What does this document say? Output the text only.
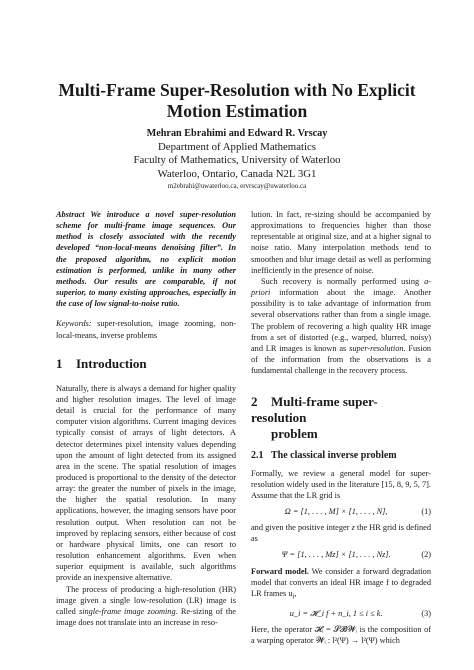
Multi-Frame Super-Resolution with No Explicit
Motion Estimation
Mehran Ebrahimi and Edward R. Vrscay
Department of Applied Mathematics
Faculty of Mathematics, University of Waterloo
Waterloo, Ontario, Canada N2L 3G1
m2ebrahi@uwaterloo.ca, ervrscay@uwaterloo.ca

Abstract We introduce a novel super-resolution scheme for multi-frame image sequences. Our method is closely associated with the recently developed “non-local-means denoising filter”. In the proposed algorithm, no explicit motion estimation is performed, unlike in many other methods. Our results are comparable, if not superior, to many existing approaches, especially in the case of low signal-to-noise ratio.

Keywords: super-resolution, image zooming, non-local-means, inverse problems

1 Introduction

Naturally, there is always a demand for higher quality and higher resolution images. The level of image detail is crucial for the performance of many computer vision algorithms. Current imaging devices typically consist of arrays of light detectors. A detector determines pixel intensity values depending upon the amount of light detected from its assigned area in the scene. The spatial resolution of images produced is proportional to the density of the detector array: the greater the number of pixels in the image, the higher the spatial resolution. In many applications, however, the imaging sensors have poor resolution output. When resolution can not be improved by replacing sensors, either because of cost or hardware physical limits, one can resort to resolution enhancement algorithms. Even when superior equipment is available, such algorithms provide an inexpensive alternative.

The process of producing a high-resolution (HR) image given a single low-resolution (LR) image is called single-frame image zooming. Re-sizing of the image does not translate into an increase in reso-

lution. In fact, re-sizing should be accompanied by approximations to frequencies higher than those representable at original size, and at a higher signal to noise ratio. Many interpolation methods tend to smoothen and blur image detail as well as performing inefficiently in the presence of noise.

Such recovery is normally performed using a-priori information about the image. Another possibility is to take advantage of information from several observations rather than from a single image. The problem of recovering a high quality HR image from a set of distorted (e.g., warped, blurred, noisy) and LR images is known as super-resolution. Fusion of the information from the observations is a fundamental challenge in the recovery process.

2 Multi-frame super-resolution
problem
2.1 The classical inverse problem

Formally, we review a general model for super-resolution widely used in the literature [15, 8, 9, 5, 7]. Assume that the LR grid is

Ω = [1, . . . , M] × [1, . . . , N],	(1)

and given the positive integer z the HR grid is defined as

Ψ = [1, . . . , Mz] × [1, . . . , Nz].	(2)

Forward model. We consider a forward degradation model that converts an ideal HR image f to degraded LR frames $u_i$,

u_i = 𝓗_i f + n_i, 1 ≤ i ≤ k.	(3)

Here, the operator 𝓗ᵢ = 𝓢𝓑𝓦ᵢ is the composition of a warping operator 𝓦ᵢ : l²(Ψ) → l²(Ψ) which
